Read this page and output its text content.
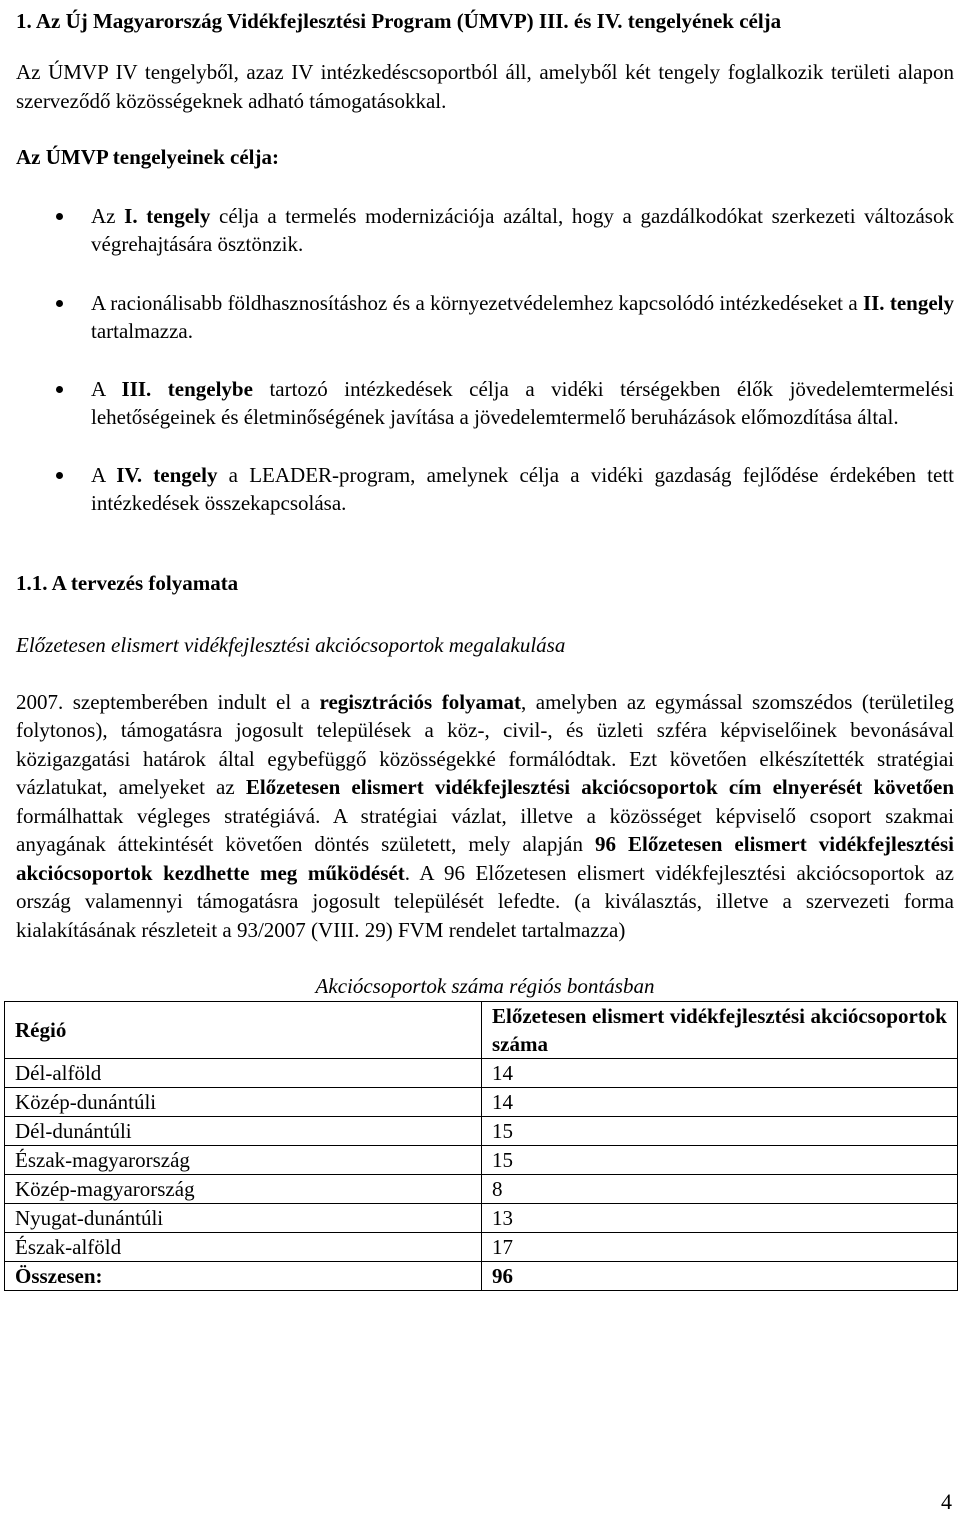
1. Az Új Magyarország Vidékfejlesztési Program (ÚMVP) III. és IV. tengelyének célja

Az ÚMVP IV tengelyből, azaz IV intézkedéscsoportból áll, amelyből két tengely foglalkozik területi alapon szerveződő közösségeknek adható támogatásokkal.

Az ÚMVP tengelyeinek célja:

Az I. tengely célja a termelés modernizációja azáltal, hogy a gazdálkodókat szerkezeti változások végrehajtására ösztönzik.
A racionálisabb földhasznosításhoz és a környezetvédelemhez kapcsolódó intézkedéseket a II. tengely tartalmazza.
A III. tengelybe tartozó intézkedések célja a vidéki térségekben élők jövedelemtermelési lehetőségeinek és életminőségének javítása a jövedelemtermelő beruházások előmozdítása által.
A IV. tengely a LEADER-program, amelynek célja a vidéki gazdaság fejlődése érdekében tett intézkedések összekapcsolása.

1.1. A tervezés folyamata

Előzetesen elismert vidékfejlesztési akciócsoportok megalakulása

2007. szeptemberében indult el a regisztrációs folyamat, amelyben az egymással szomszédos (területileg folytonos), támogatásra jogosult települések a köz-, civil-, és üzleti szféra képviselőinek bevonásával közigazgatási határok által egybefüggő közösségekké formálódtak. Ezt követően elkészítették stratégiai vázlatukat, amelyeket az Előzetesen elismert vidékfejlesztési akciócsoportok cím elnyerését követően formálhattak végleges stratégiává. A stratégiai vázlat, illetve a közösséget képviselő csoport szakmai anyagának áttekintését követően döntés született, mely alapján 96 Előzetesen elismert vidékfejlesztési akciócsoportok kezdhette meg működését. A 96 Előzetesen elismert vidékfejlesztési akciócsoportok az ország valamennyi támogatásra jogosult települését lefedte. (a kiválasztás, illetve a szervezeti forma kialakításának részleteit a 93/2007 (VIII. 29) FVM rendelet tartalmazza)

Akciócsoportok száma régiós bontásban

Régió	Előzetesen elismert vidékfejlesztési akciócsoportok száma
Dél-alföld	14
Közép-dunántúli	14
Dél-dunántúli	15
Észak-magyarország	15
Közép-magyarország	8
Nyugat-dunántúli	13
Észak-alföld	17
Összesen:	96
4
